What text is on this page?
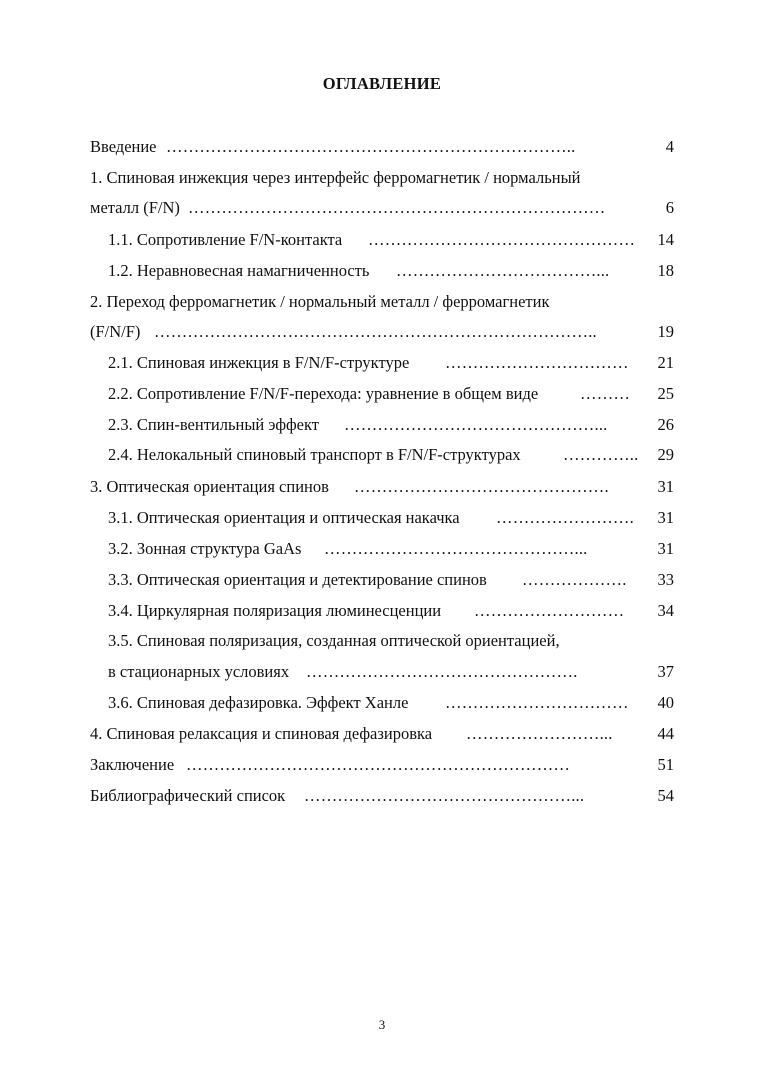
ОГЛАВЛЕНИЕ
Введение ………………………………………………………………..	4
1. Спиновая инжекция через интерфейс ферромагнетик / нормальный
металл (F/N) …………………………………………………………………	6
1.1. Сопротивление F/N-контакта …………………………………………	14
1.2. Неравновесная намагниченность ………………………………...	18
2. Переход ферромагнетик / нормальный металл / ферромагнетик
(F/N/F) ……………………………………………………………………..	19
2.1. Спиновая инжекция в F/N/F-структуре ……………………………	21
2.2. Сопротивление F/N/F-перехода: уравнение в общем виде	………	25
2.3. Спин-вентильный эффект ………………………………………...	26
2.4. Нелокальный спиновый транспорт в F/N/F-структурах	………….. 29
3. Оптическая ориентация спинов ……………………………………….	31
3.1. Оптическая ориентация и оптическая накачка …………………….	31
3.2. Зонная структура GaAs ………………………………………...	31
3.3. Оптическая ориентация и детектирование спинов ……………….	33
3.4. Циркулярная поляризация люминесценции ………………………	34
3.5. Спиновая поляризация, созданная оптической ориентацией,
в стационарных условиях ………………………………………….	37
3.6. Спиновая дефазировка. Эффект Ханле ……………………………	40
4. Спиновая релаксация и спиновая дефазировка ……………………...	44
Заключение ……………………………………………………………	51
Библиографический список …………………………………………...	54
3
